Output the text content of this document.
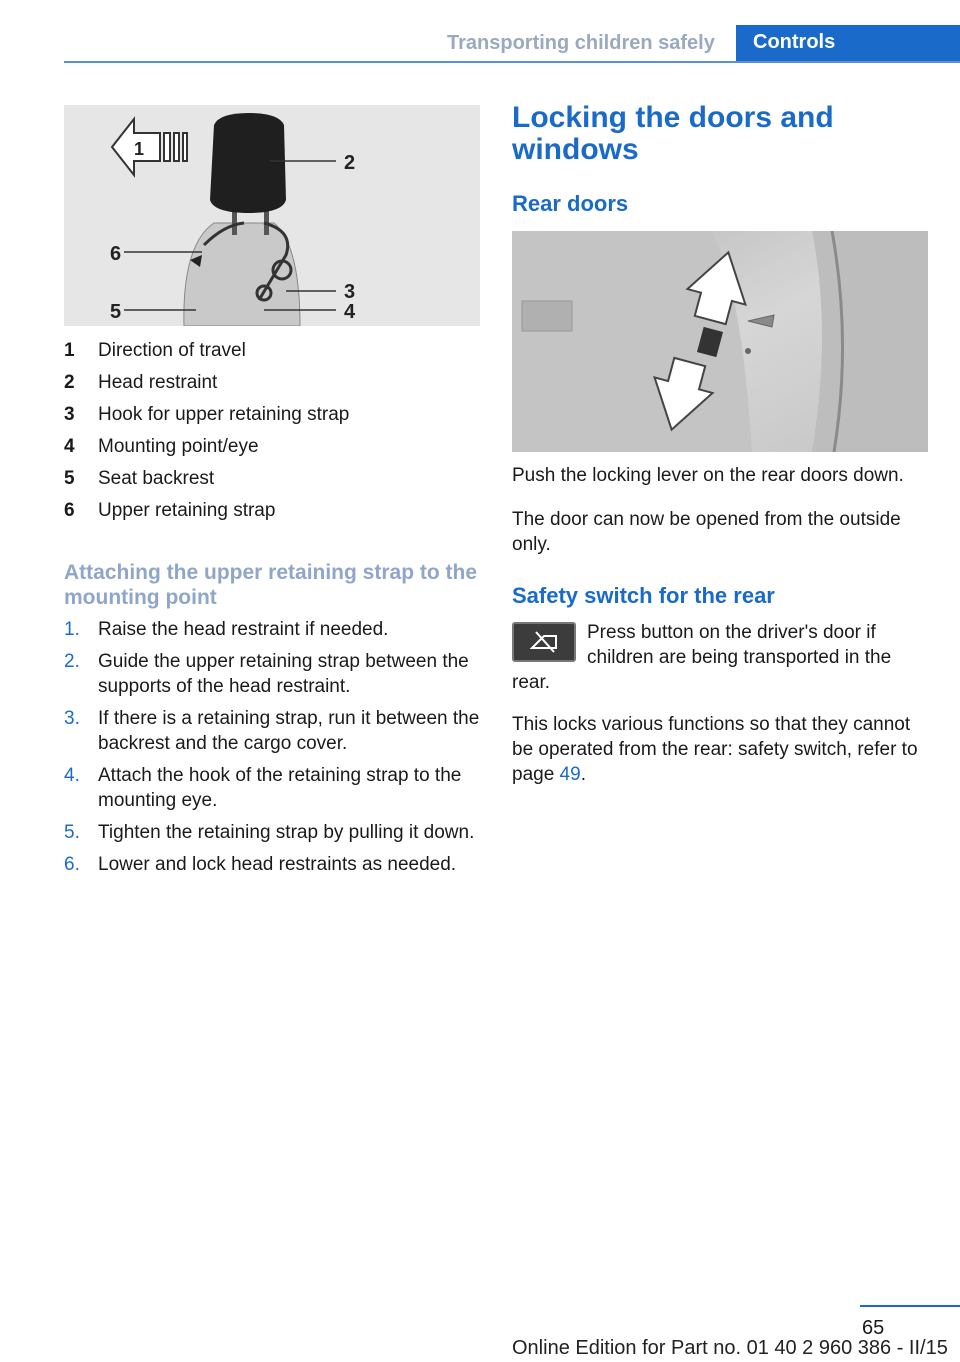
Transporting children safely	Controls
1
2
3
4
5
6
1	Direction of travel
2	Head restraint
3	Hook for upper retaining strap
4	Mounting point/eye
5	Seat backrest
6	Upper retaining strap
Attaching the upper retaining strap to the mounting point
1. Raise the head restraint if needed.
2. Guide the upper retaining strap between the supports of the head restraint.
3. If there is a retaining strap, run it between the backrest and the cargo cover.
4. Attach the hook of the retaining strap to the mounting eye.
5. Tighten the retaining strap by pulling it down.
6. Lower and lock head restraints as needed.
Locking the doors and windows
Rear doors
Push the locking lever on the rear doors down.
The door can now be opened from the outside only.
Safety switch for the rear
Press button on the driver's door if children are being transported in the rear.
This locks various functions so that they cannot be operated from the rear: safety switch, refer to page 49.
65
Online Edition for Part no. 01 40 2 960 386 - II/15
